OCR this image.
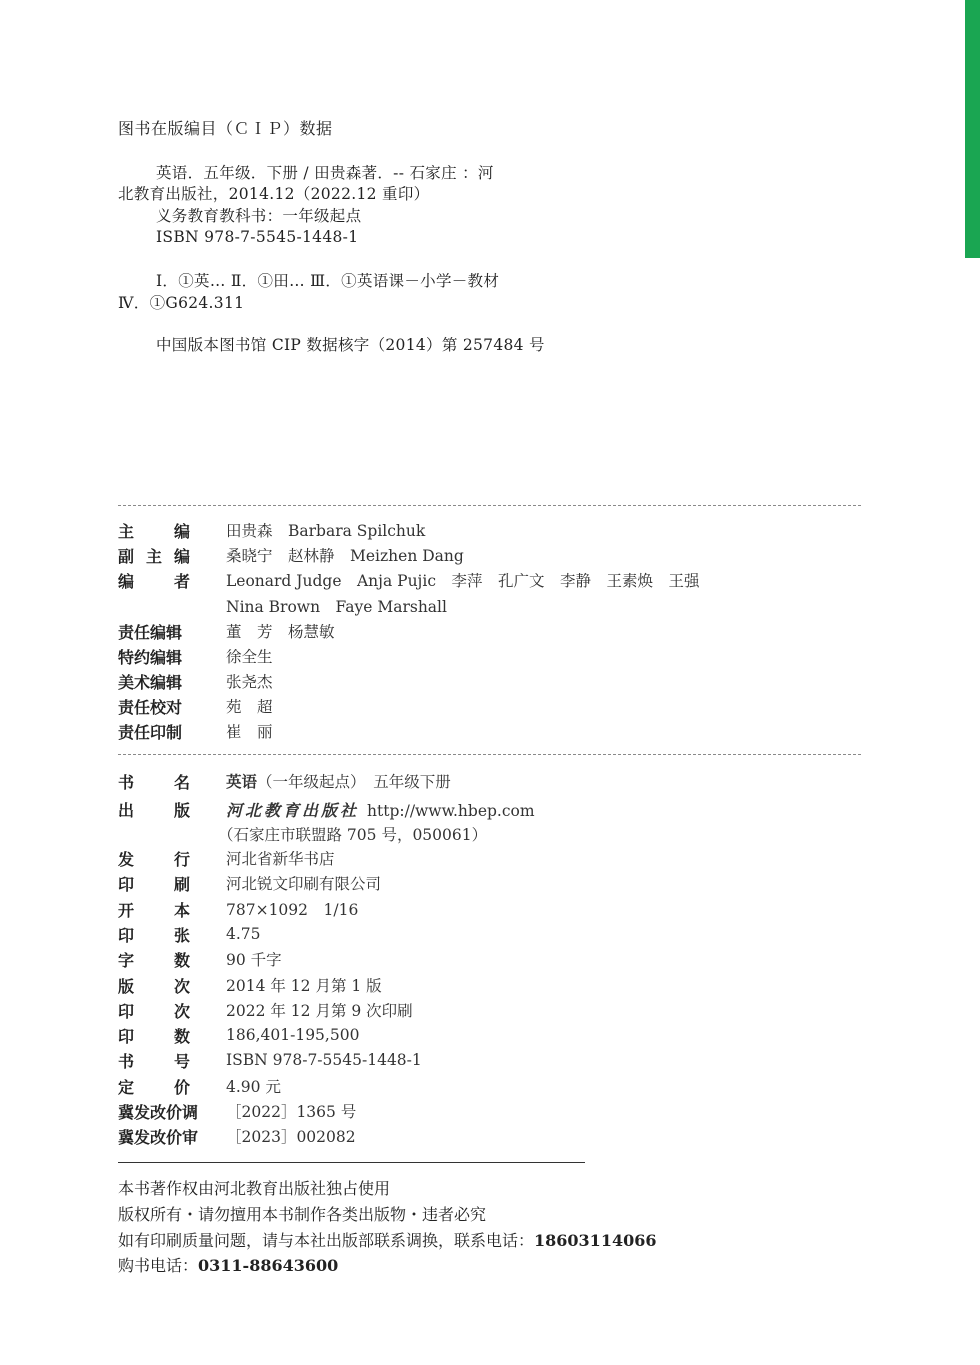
图书在版编目（ＣＩＰ）数据
英语．五年级．下册 / 田贵森著．-- 石家庄 ：河
北教育出版社，2014.12（2022.12 重印）
义务教育教科书：一年级起点
ISBN 978-7-5545-1448-1
Ⅰ．①英… Ⅱ．①田… Ⅲ．①英语课－小学－教材
Ⅳ．①G624.311
中国版本图书馆 CIP 数据核字（2014）第 257484 号
主 编 田贵森　Barbara Spilchuk
副 主 编 桑晓宁　赵林静　Meizhen Dang
编 者 Leonard Judge　Anja Pujic　李萍　孔广文　李静　王素焕　王强
Nina Brown　Faye Marshall
责任编辑	董　芳　杨慧敏
特约编辑	徐全生
美术编辑	张尧杰
责任校对	苑　超
责任印制	崔　丽
书 名 英语（一年级起点）　五年级下册
出 版 河北教育出版社 http://www.hbep.com
（石家庄市联盟路 705 号，050061）
发 行 河北省新华书店
印 刷 河北锐文印刷有限公司
开 本 787×1092　1/16
印 张 4.75
字 数 90 千字
版 次 2014 年 12 月第 1 版
印 次 2022 年 12 月第 9 次印刷
印 数 186,401-195,500
书 号 ISBN 978-7-5545-1448-1
定 价 4.90 元
冀发改价调	［2022］1365 号
冀发改价审	［2023］002082
本书著作权由河北教育出版社独占使用
版权所有・请勿擅用本书制作各类出版物・违者必究
如有印刷质量问题，请与本社出版部联系调换，联系电话：18603114066
购书电话：0311-88643600
